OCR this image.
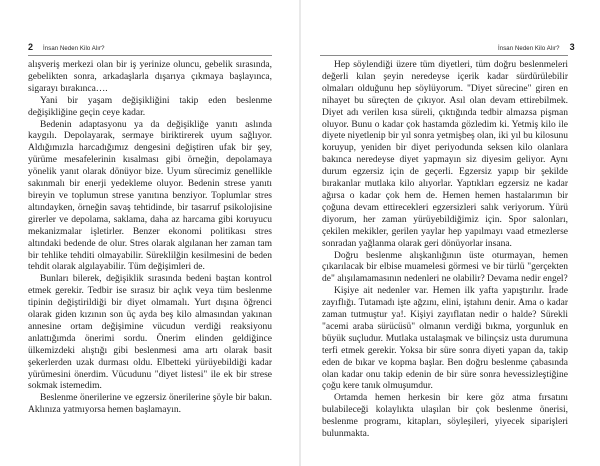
2 İnsan Neden Kilo Alır?

alışveriş merkezi olan bir iş yerinize oluncu, gebelik sırasında, gebelikten sonra, arkadaşlarla dışarıya çıkmaya başlayınca, sigarayı bırakınca….

Yani bir yaşam değişikliğini takip eden beslenme değişikliğine geçin ceye kadar.

Bedenin adaptasyonu ya da değişikliğe yanıtı aslında kaygılı. Depolayarak, sermaye biriktirerek uyum sağlıyor. Aldığımızla harcadığımız dengesini değiştiren ufak bir şey, yürüme mesafelerinin kısalması gibi örneğin, depolamaya yönelik yanıt olarak dönüyor bize. Uyum sürecimiz genellikle sakınmalı bir enerji yedekleme oluyor. Bedenin strese yanıtı bireyin ve toplumun strese yanıtına benziyor. Toplumlar stres altındayken, örneğin savaş tehtidinde, bir tasarruf psikolojisine girerler ve depolama, saklama, daha az harcama gibi koruyucu mekanizmalar işletirler. Benzer ekonomi politikası stres altındaki bedende de olur. Stres olarak algılanan her zaman tam bir tehlike tehditi olmayabilir. Süreklilğin kesilmesini de beden tehdit olarak algılayabilir. Tüm değişimleri de.

Bunları bilerek, değişiklik sırasında bedeni baştan kontrol etmek gerekir. Tedbir ise sırasız bir açlık veya tüm beslenme tipinin değiştirildiği bir diyet olmamalı. Yurt dışına öğrenci olarak giden kızının son üç ayda beş kilo almasından yakınan annesine ortam değişimine vücudun verdiği reaksiyonu anlattığımda önerimi sordu. Önerim elinden geldiğince ülkemizdeki alıştığı gibi beslenmesi ama artı olarak basit şekerlerden uzak durması oldu. Elbetteki yürüyebildiği kadar yürümesini önerdim. Vücudunu "diyet listesi" ile ek bir strese sokmak istemedim.

Beslenme önerilerine ve egzersiz önerilerine şöyle bir bakın. Aklınıza yatmıyorsa hemen başlamayın.

İnsan Neden Kilo Alır? 3

Hep söylendiği üzere tüm diyetleri, tüm doğru beslenmeleri değerli kılan şeyin neredeyse içerik kadar sürdürülebilir olmaları olduğunu hep söylüyorum. "Diyet sürecine" giren en nihayet bu süreçten de çıkıyor. Asıl olan devam ettirebilmek. Diyet adı verilen kısa süreli, çıktığında tedbir almazsa pişman oluyor. Bunu o kadar çok hastamda gözledim ki. Yetmiş kilo ile diyete niyetlenip bir yıl sonra yetmişbeş olan, iki yıl bu kilosunu koruyup, yeniden bir diyet periyodunda seksen kilo olanlara bakınca neredeyse diyet yapmayın siz diyesim geliyor. Aynı durum egzersiz için de geçerli. Egzersiz yapıp bir şekilde bırakanlar mutlaka kilo alıyorlar. Yaptıkları egzersiz ne kadar ağırsa o kadar çok hem de. Hemen hemen hastalarımın bir çoğuna devam ettirecekleri egzersizleri salık veriyorum. Yürü diyorum, her zaman yürüyebildiğimiz için. Spor salonları, çekilen mekikler, gerilen yaylar hep yapılmayı vaad etmezlerse sonradan yağlanma olarak geri dönüyorlar insana.

Doğru beslenme alışkanlığının üste oturmayan, hemen çıkarılacak bir elbise muamelesi görmesi ve bir türlü "gerçekten de" alışılamamasının nedenleri ne olabilir? Devama nedir engel?

Kişiye ait nedenler var. Hemen ilk yafta yapıştırılır. İrade zayıflığı. Tutamadı işte ağzını, elini, iştahını denir. Ama o kadar zaman tutmuştur ya!. Kişiyi zayıflatan nedir o halde? Sürekli "acemi araba sürücüsü" olmanın verdiği bıkma, yorgunluk en büyük suçludur. Mutlaka ustalaşmak ve bilinçsiz usta durumuna terfi etmek gerekir. Yoksa bir süre sonra diyeti yapan da, takip eden de bıkar ve kopma başlar. Ben doğru beslenme çabasında olan kadar onu takip edenin de bir süre sonra hevessizleştiğine çoğu kere tanık olmuşumdur.

Ortamda hemen herkesin bir kere göz atma fırsatını bulabileceği kolaylıkta ulaşılan bir çok beslenme önerisi, beslenme programı, kitapları, söyleşileri, yiyecek siparişleri bulunmakta.
